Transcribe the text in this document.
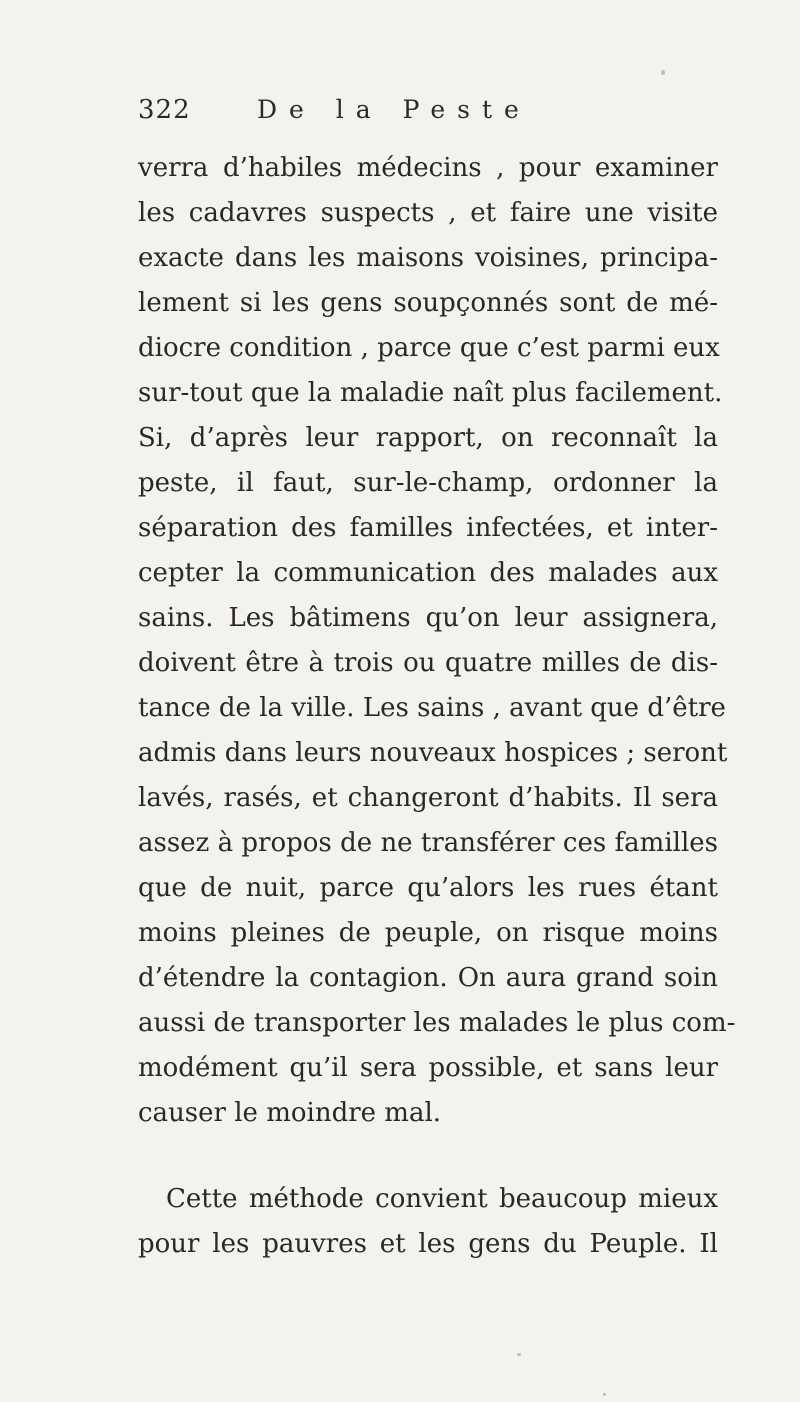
322	De la Peste
verra d’habiles médecins , pour examiner
les cadavres suspects , et faire une visite
exacte dans les maisons voisines, principa-
lement si les gens soupçonnés sont de mé-
diocre condition , parce que c’est parmi eux
sur-tout que la maladie naît plus facilement.
Si, d’après leur rapport, on reconnaît la
peste, il faut, sur-le-champ, ordonner la
séparation des familles infectées, et inter-
cepter la communication des malades aux
sains. Les bâtimens qu’on leur assignera,
doivent être à trois ou quatre milles de dis-
tance de la ville. Les sains , avant que d’être
admis dans leurs nouveaux hospices ; seront
lavés, rasés, et changeront d’habits. Il sera
assez à propos de ne transférer ces familles
que de nuit, parce qu’alors les rues étant
moins pleines de peuple, on risque moins
d’étendre la contagion. On aura grand soin
aussi de transporter les malades le plus com-
modément qu’il sera possible, et sans leur
causer le moindre mal.
Cette méthode convient beaucoup mieux
pour les pauvres et les gens du Peuple. Il
